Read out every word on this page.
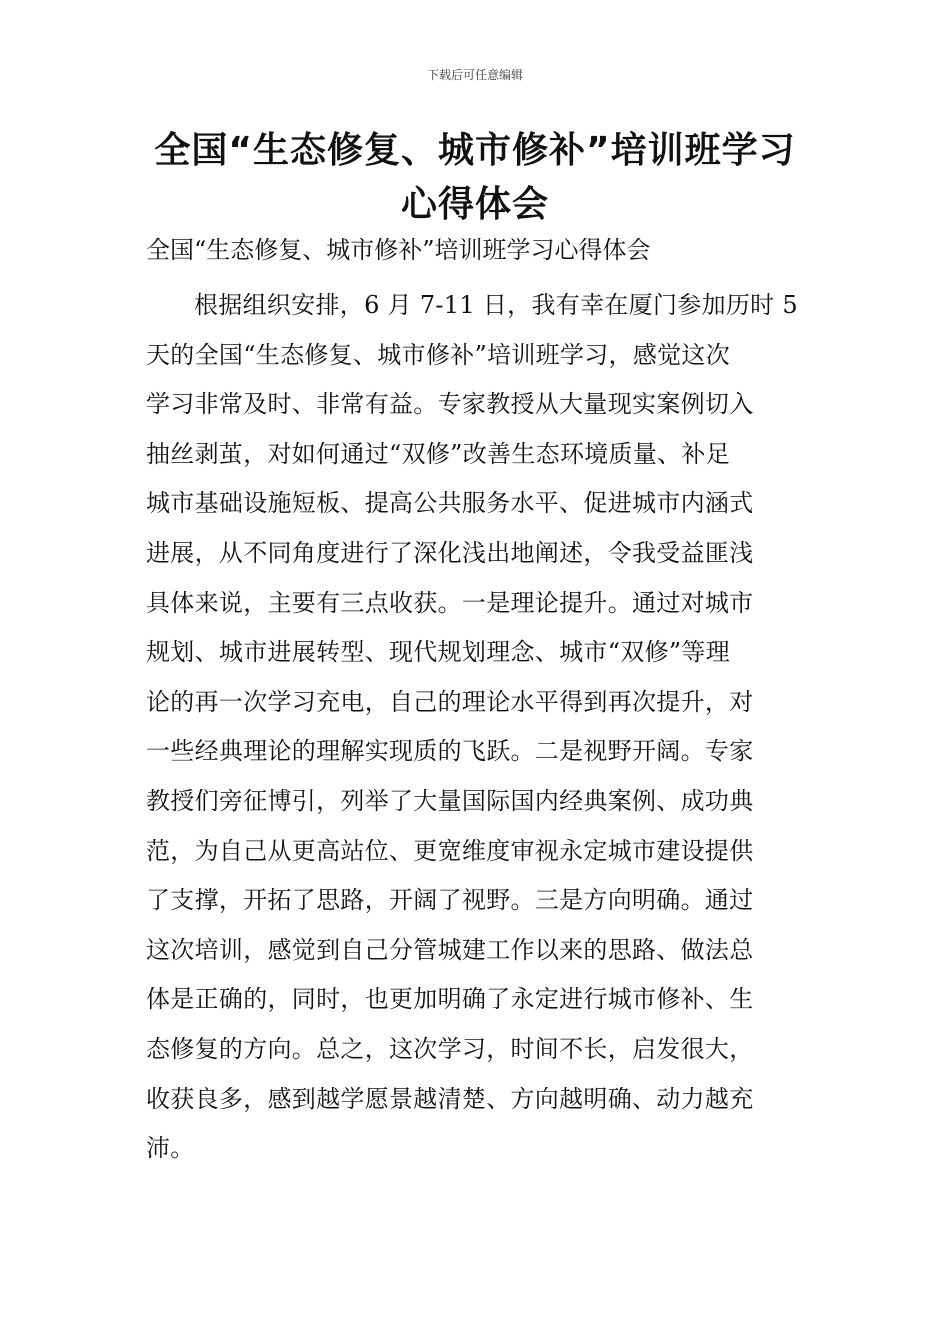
下载后可任意编辑
全国“生态修复、城市修补”培训班学习
心得体会
全国“生态修复、城市修补”培训班学习心得体会
根据组织安排，6 月 7-11 日，我有幸在厦门参加历时 5
天的全国“生态修复、城市修补”培训班学习，感觉这次
学习非常及时、非常有益。专家教授从大量现实案例切入
抽丝剥茧，对如何通过“双修”改善生态环境质量、补足
城市基础设施短板、提高公共服务水平、促进城市内涵式
进展，从不同角度进行了深化浅出地阐述，令我受益匪浅
具体来说，主要有三点收获。一是理论提升。通过对城市
规划、城市进展转型、现代规划理念、城市“双修”等理
论的再一次学习充电，自己的理论水平得到再次提升，对
一些经典理论的理解实现质的飞跃。二是视野开阔。专家
教授们旁征博引，列举了大量国际国内经典案例、成功典
范，为自己从更高站位、更宽维度审视永定城市建设提供
了支撑，开拓了思路，开阔了视野。三是方向明确。通过
这次培训，感觉到自己分管城建工作以来的思路、做法总
体是正确的，同时，也更加明确了永定进行城市修补、生
态修复的方向。总之，这次学习，时间不长，启发很大，
收获良多，感到越学愿景越清楚、方向越明确、动力越充
沛。
